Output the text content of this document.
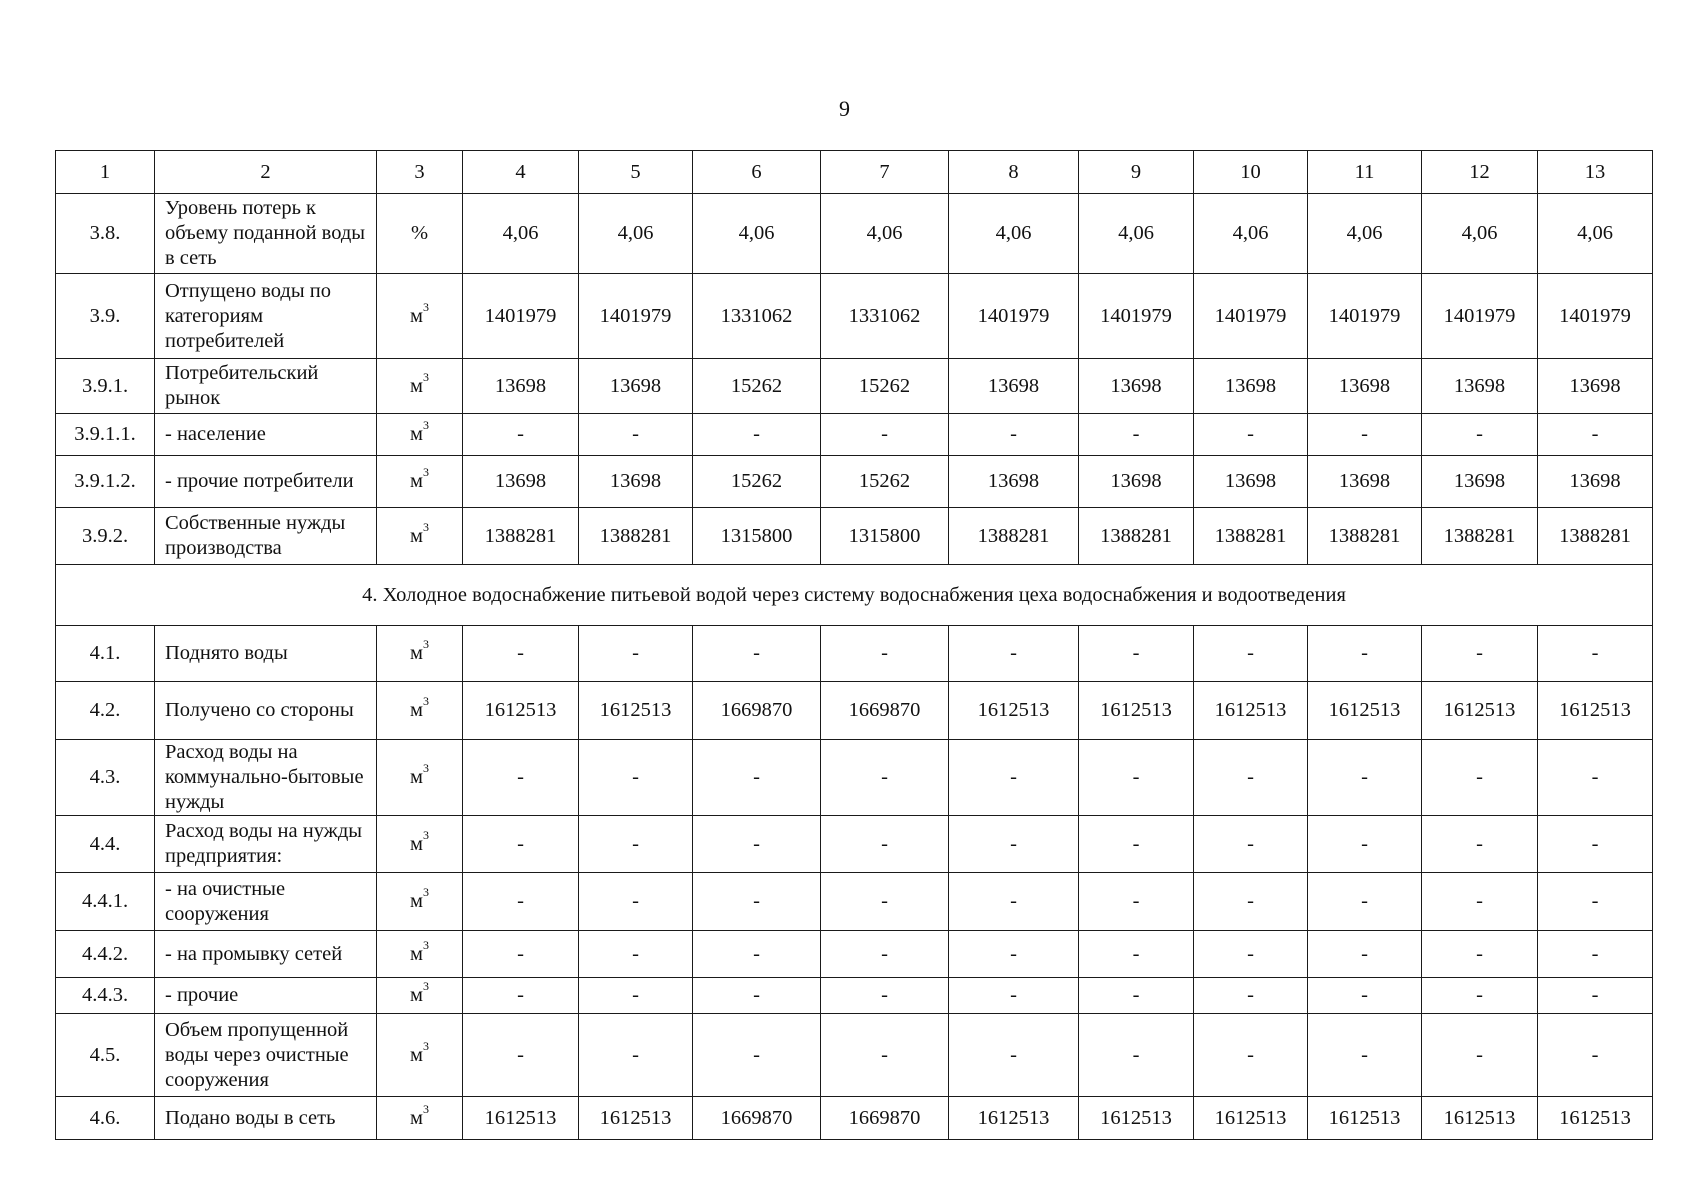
9
1	2	3	4	5	6	7	8	9	10	11	12	13
3.8.	Уровень потерь к объему поданной воды в сеть	%	4,06	4,06	4,06	4,06	4,06	4,06	4,06	4,06	4,06	4,06
3.9.	Отпущено воды по категориям потребителей	$м^3$	1401979	1401979	1331062	1331062	1401979	1401979	1401979	1401979	1401979	1401979
3.9.1.	Потребительский рынок	$м^3$	13698	13698	15262	15262	13698	13698	13698	13698	13698	13698
3.9.1.1.	- население	$м^3$	-	-	-	-	-	-	-	-	-	-
3.9.1.2.	- прочие потребители	$м^3$	13698	13698	15262	15262	13698	13698	13698	13698	13698	13698
3.9.2.	Собственные нужды производства	$м^3$	1388281	1388281	1315800	1315800	1388281	1388281	1388281	1388281	1388281	1388281
4. Холодное водоснабжение питьевой водой через систему водоснабжения цеха водоснабжения и водоотведения												
4.1.	Поднято воды	$м^3$	-	-	-	-	-	-	-	-	-	-
4.2.	Получено со стороны	$м^3$	1612513	1612513	1669870	1669870	1612513	1612513	1612513	1612513	1612513	1612513
4.3.	Расход воды на коммунально-бытовые нужды	$м^3$	-	-	-	-	-	-	-	-	-	-
4.4.	Расход воды на нужды предприятия:	$м^3$	-	-	-	-	-	-	-	-	-	-
4.4.1.	- на очистные сооружения	$м^3$	-	-	-	-	-	-	-	-	-	-
4.4.2.	- на промывку сетей	$м^3$	-	-	-	-	-	-	-	-	-	-
4.4.3.	- прочие	$м^3$	-	-	-	-	-	-	-	-	-	-
4.5.	Объем пропущенной воды через очистные сооружения	$м^3$	-	-	-	-	-	-	-	-	-	-
4.6.	Подано воды в сеть	$м^3$	1612513	1612513	1669870	1669870	1612513	1612513	1612513	1612513	1612513	1612513
